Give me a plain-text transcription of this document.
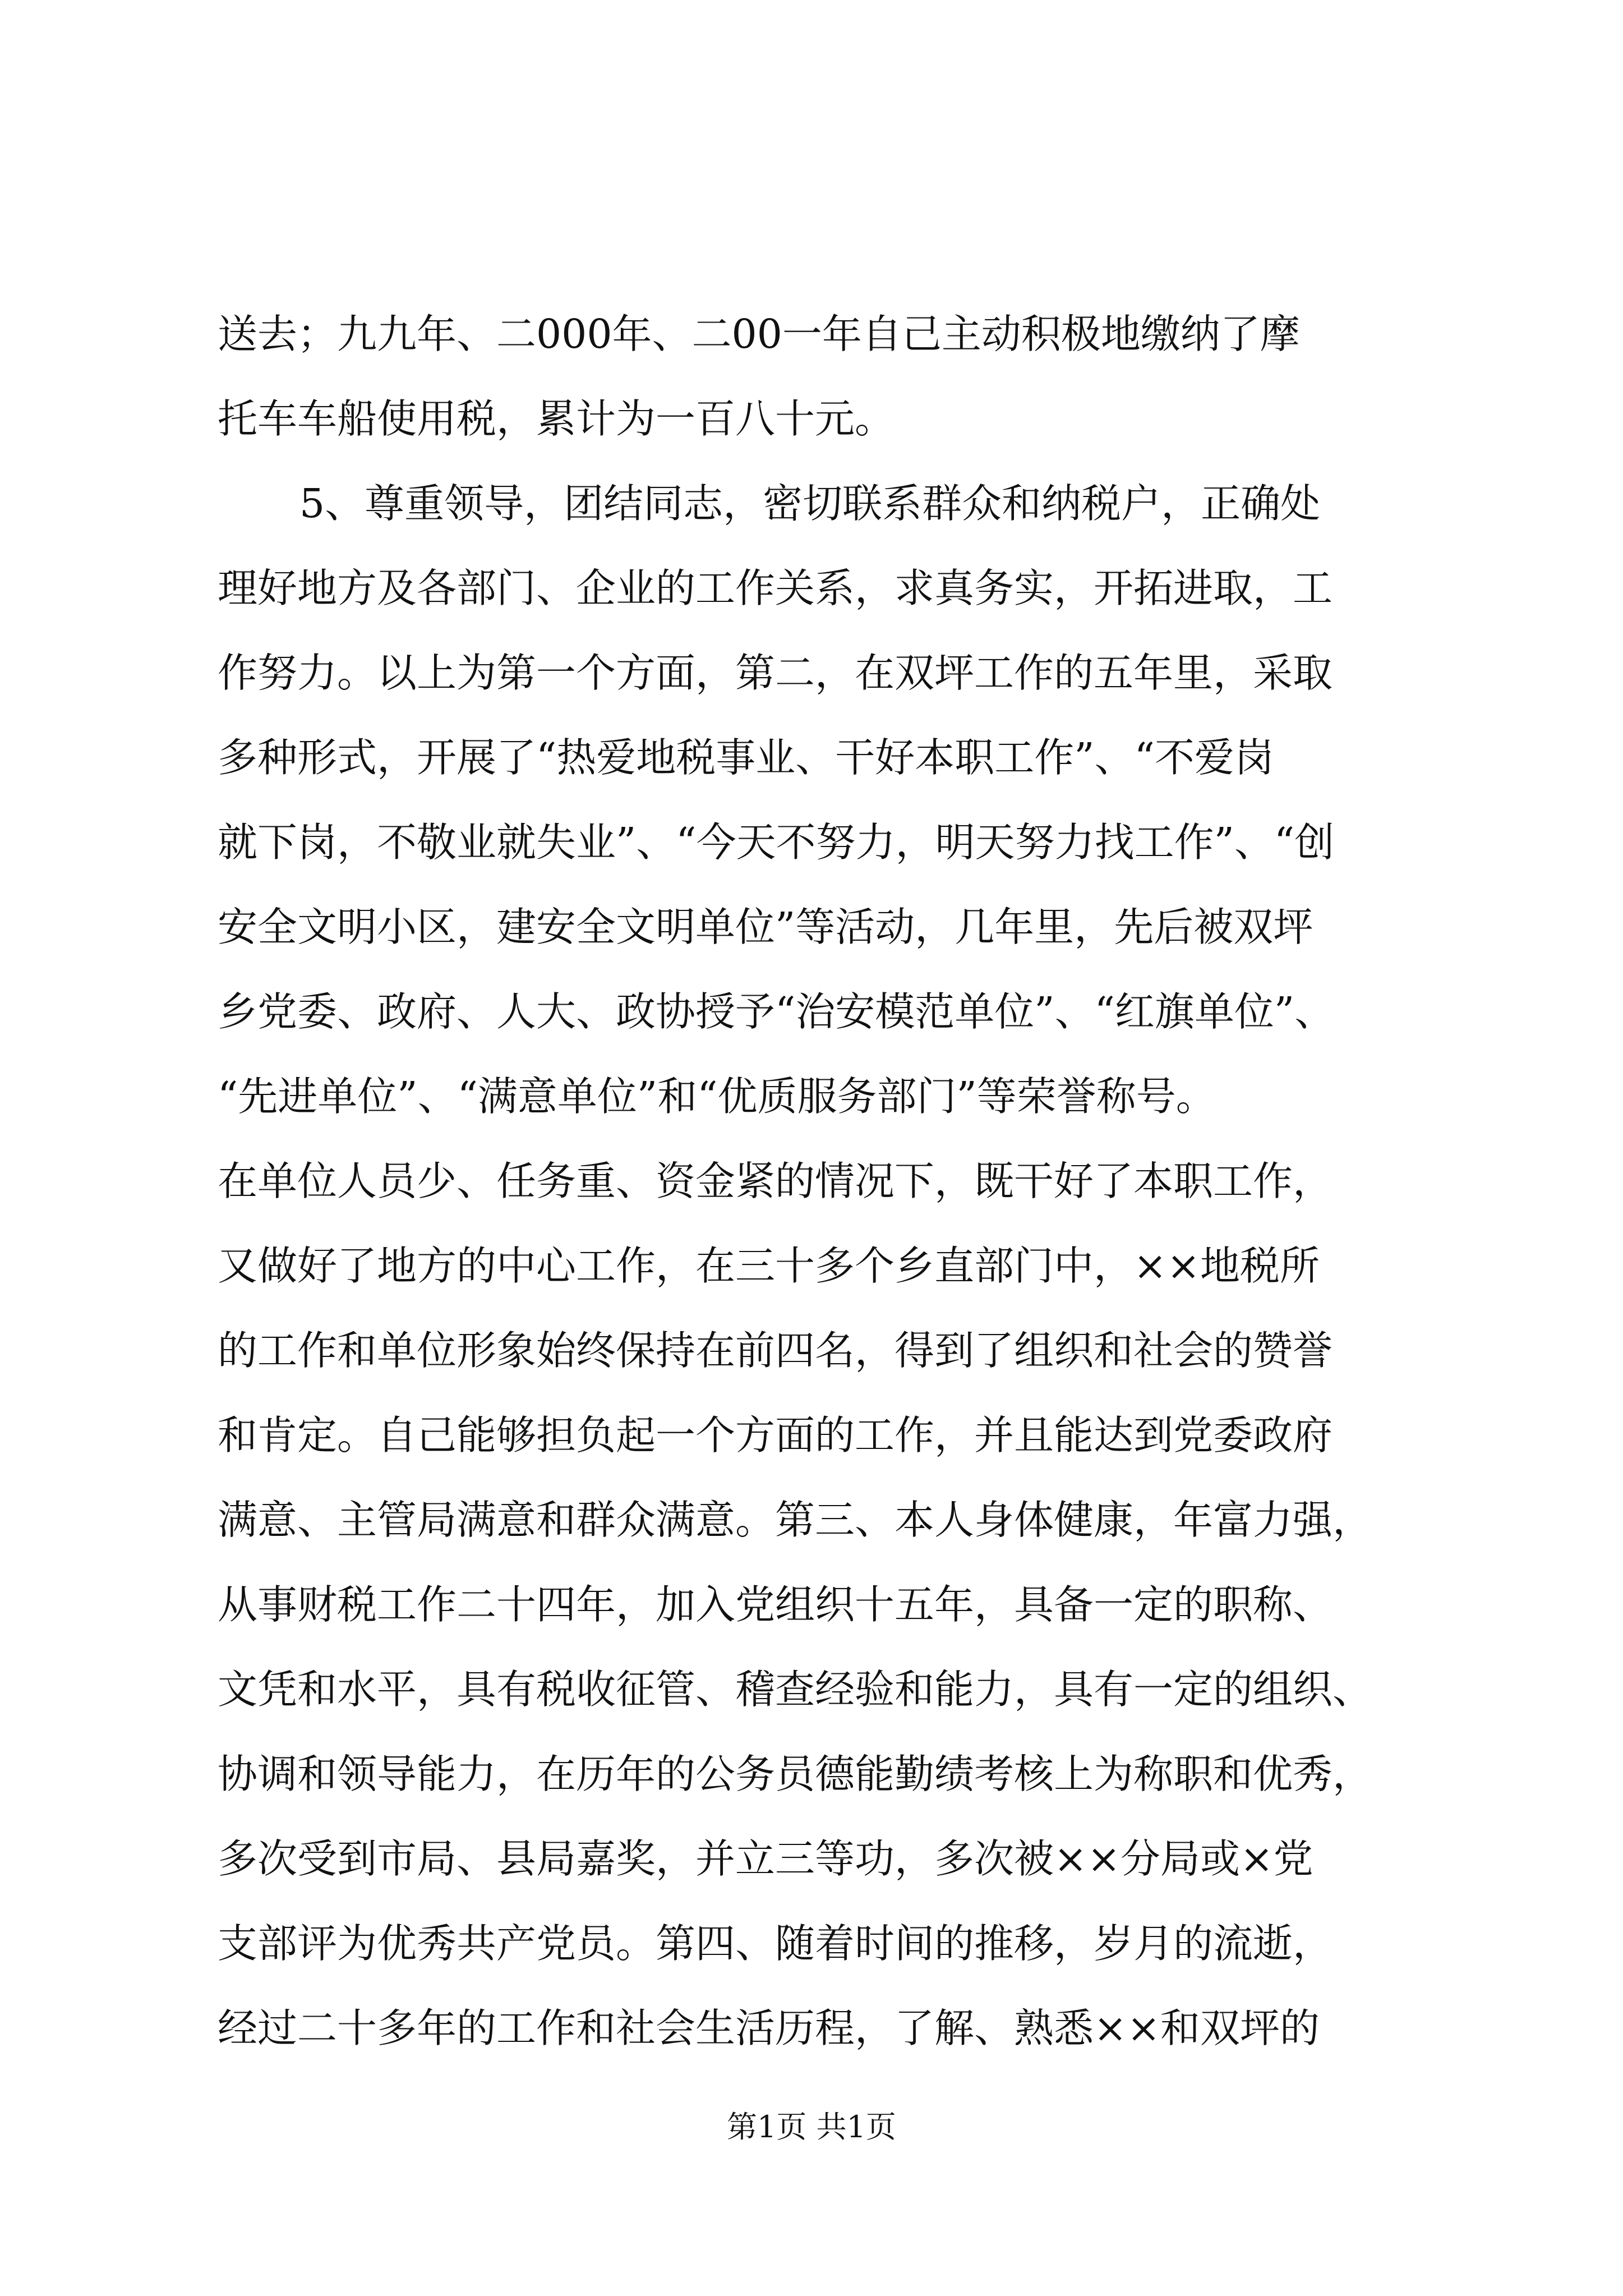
送去；九九年、二000年、二00一年自己主动积极地缴纳了摩
托车车船使用税，累计为一百八十元。
5、尊重领导，团结同志，密切联系群众和纳税户，正确处
理好地方及各部门、企业的工作关系，求真务实，开拓进取，工
作努力。以上为第一个方面，第二，在双坪工作的五年里，采取
多种形式，开展了“热爱地税事业、干好本职工作”、“不爱岗
就下岗，不敬业就失业”、“今天不努力，明天努力找工作”、“创
安全文明小区，建安全文明单位”等活动，几年里，先后被双坪
乡党委、政府、人大、政协授予“治安模范单位”、“红旗单位”、
“先进单位”、“满意单位”和“优质服务部门”等荣誉称号。
在单位人员少、任务重、资金紧的情况下，既干好了本职工作，
又做好了地方的中心工作，在三十多个乡直部门中，××地税所
的工作和单位形象始终保持在前四名，得到了组织和社会的赞誉
和肯定。自己能够担负起一个方面的工作，并且能达到党委政府
满意、主管局满意和群众满意。第三、本人身体健康，年富力强，
从事财税工作二十四年，加入党组织十五年，具备一定的职称、
文凭和水平，具有税收征管、稽查经验和能力，具有一定的组织、
协调和领导能力，在历年的公务员德能勤绩考核上为称职和优秀，
多次受到市局、县局嘉奖，并立三等功，多次被××分局或×党
支部评为优秀共产党员。第四、随着时间的推移，岁月的流逝，
经过二十多年的工作和社会生活历程，了解、熟悉××和双坪的
第1页 共1页
